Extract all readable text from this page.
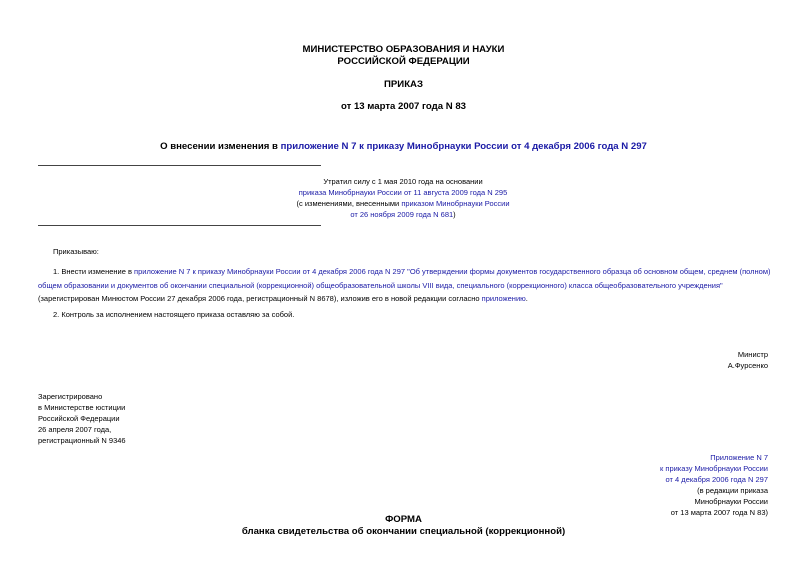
МИНИСТЕРСТВО ОБРАЗОВАНИЯ И НАУКИ
РОССИЙСКОЙ ФЕДЕРАЦИИ
ПРИКАЗ
от 13 марта 2007 года N 83
О внесении изменения в приложение N 7 к приказу Минобрнауки России от 4 декабря 2006 года N 297
Утратил силу с 1 мая 2010 года на основании
приказа Минобрнауки России от 11 августа 2009 года N 295
(с изменениями, внесенными приказом Минобрнауки России
от 26 ноября 2009 года N 681)
Приказываю:
1. Внести изменение в приложение N 7 к приказу Минобрнауки России от 4 декабря 2006 года N 297 "Об утверждении формы документов государственного образца об основном общем, среднем (полном) общем образовании и документов об окончании специальной (коррекционной) общеобразовательной школы VIII вида, специального (коррекционного) класса общеобразовательного учреждения" (зарегистрирован Минюстом России 27 декабря 2006 года, регистрационный N 8678), изложив его в новой редакции согласно приложению.
2. Контроль за исполнением настоящего приказа оставляю за собой.
Министр
А.Фурсенко
Зарегистрировано
в Министерстве юстиции
Российской Федерации
26 апреля 2007 года,
регистрационный N 9346
Приложение N 7
к приказу Минобрнауки России
от 4 декабря 2006 года N 297
(в редакции приказа
Минобрнауки России
от 13 марта 2007 года N 83)
ФОРМА
бланка свидетельства об окончании специальной (коррекционной)
